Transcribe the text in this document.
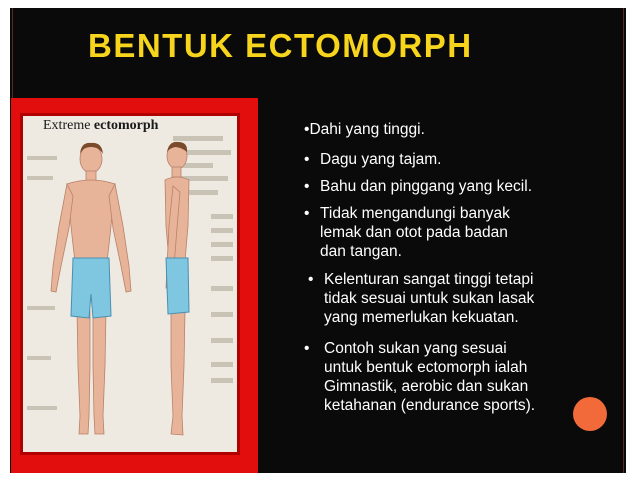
BENTUK ECTOMORPH

Extreme ectomorph	•Dahi yang tinggi.
• Dagu yang tajam.
• Bahu dan pinggang yang kecil.
• Tidak mengandungi banyak
lemak dan otot pada badan
dan tangan.
• Kelenturan sangat tinggi tetapi
tidak sesuai untuk sukan lasak
yang memerlukan kekuatan.
• Contoh sukan yang sesuai
untuk bentuk ectomorph ialah
Gimnastik, aerobic dan sukan
ketahanan (endurance sports).
